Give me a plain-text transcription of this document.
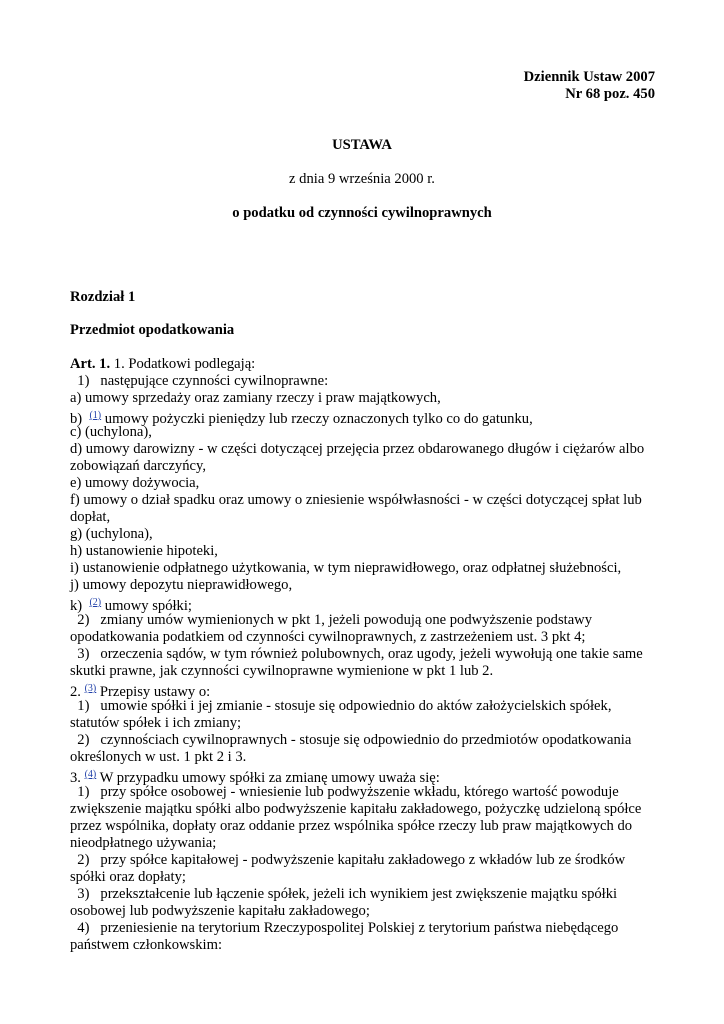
Dziennik Ustaw 2007
Nr 68 poz. 450
USTAWA
z dnia 9 września 2000 r.
o podatku od czynności cywilnoprawnych
Rozdział 1
Przedmiot opodatkowania
Art. 1. 1. Podatkowi podlegają:
1)   następujące czynności cywilnoprawne:
a) umowy sprzedaży oraz zamiany rzeczy i praw majątkowych,
b)  $^{(1)}$ umowy pożyczki pieniędzy lub rzeczy oznaczonych tylko co do gatunku,
c) (uchylona),
d) umowy darowizny - w części dotyczącej przejęcia przez obdarowanego długów i ciężarów albo
zobowiązań darczyńcy,
e) umowy dożywocia,
f) umowy o dział spadku oraz umowy o zniesienie współwłasności - w części dotyczącej spłat lub
dopłat,
g) (uchylona),
h) ustanowienie hipoteki,
i) ustanowienie odpłatnego użytkowania, w tym nieprawidłowego, oraz odpłatnej służebności,
j) umowy depozytu nieprawidłowego,
k)  $^{(2)}$ umowy spółki;
2)   zmiany umów wymienionych w pkt 1, jeżeli powodują one podwyższenie podstawy
opodatkowania podatkiem od czynności cywilnoprawnych, z zastrzeżeniem ust. 3 pkt 4;
3)   orzeczenia sądów, w tym również polubownych, oraz ugody, jeżeli wywołują one takie same
skutki prawne, jak czynności cywilnoprawne wymienione w pkt 1 lub 2.
2. $^{(3)}$ Przepisy ustawy o:
1)   umowie spółki i jej zmianie - stosuje się odpowiednio do aktów założycielskich spółek,
statutów spółek i ich zmiany;
2)   czynnościach cywilnoprawnych - stosuje się odpowiednio do przedmiotów opodatkowania
określonych w ust. 1 pkt 2 i 3.
3. $^{(4)}$ W przypadku umowy spółki za zmianę umowy uważa się:
1)   przy spółce osobowej - wniesienie lub podwyższenie wkładu, którego wartość powoduje
zwiększenie majątku spółki albo podwyższenie kapitału zakładowego, pożyczkę udzieloną spółce
przez wspólnika, dopłaty oraz oddanie przez wspólnika spółce rzeczy lub praw majątkowych do
nieodpłatnego używania;
2)   przy spółce kapitałowej - podwyższenie kapitału zakładowego z wkładów lub ze środków
spółki oraz dopłaty;
3)   przekształcenie lub łączenie spółek, jeżeli ich wynikiem jest zwiększenie majątku spółki
osobowej lub podwyższenie kapitału zakładowego;
4)   przeniesienie na terytorium Rzeczypospolitej Polskiej z terytorium państwa niebędącego
państwem członkowskim:
